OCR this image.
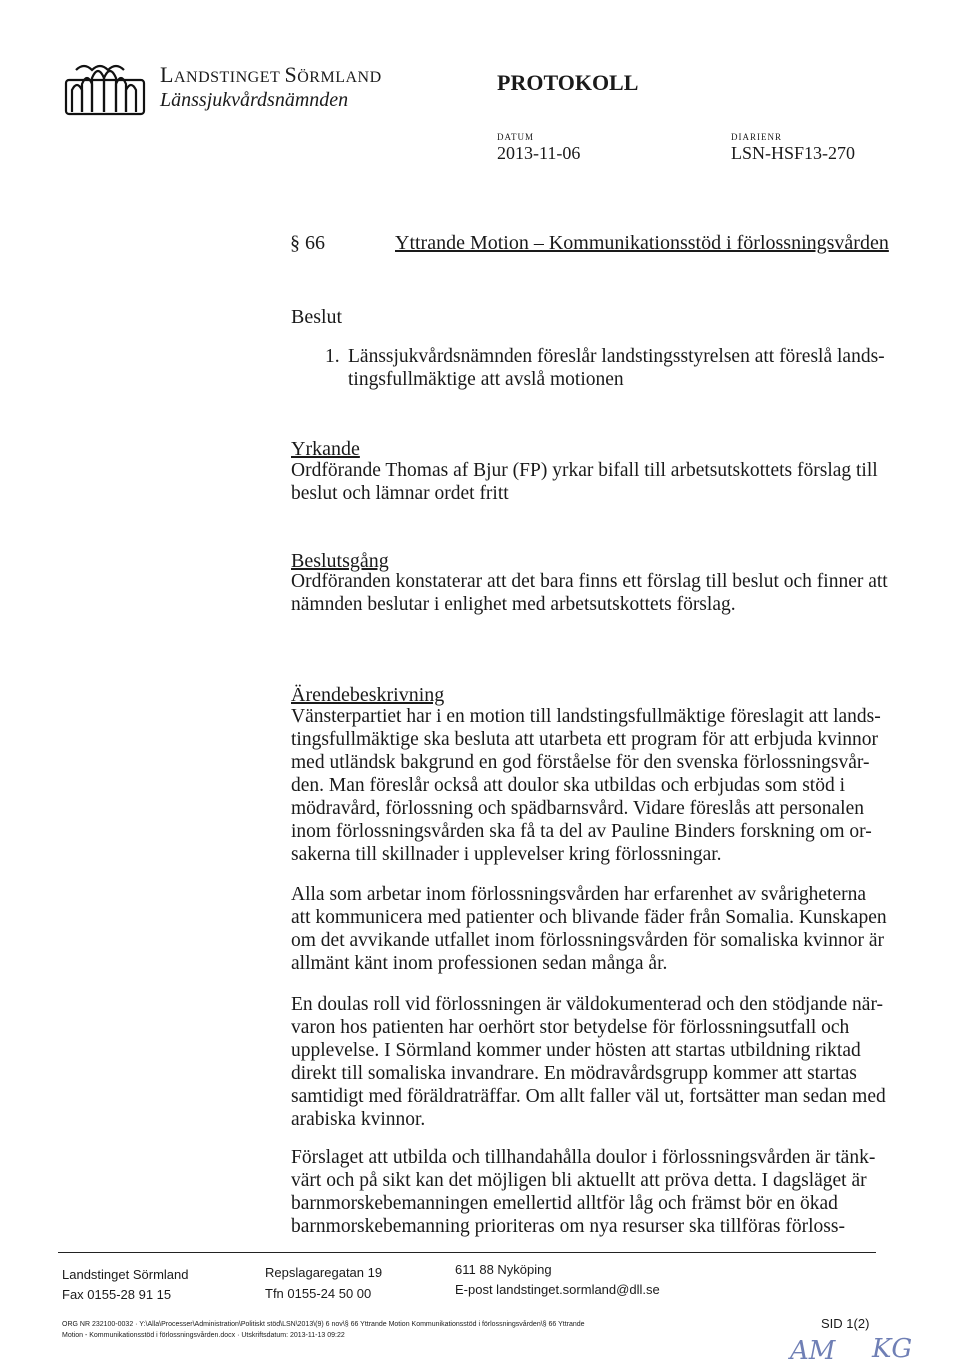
LANDSTINGET SÖRMLAND
Länssjukvårdsnämnden
PROTOKOLL
DATUM
2013-11-06
DIARIENR
LSN-HSF13-270
§ 66	Yttrande Motion – Kommunikationsstöd i förlossningsvården
Beslut
1. Länssjukvårdsnämnden föreslår landstingsstyrelsen att föreslå lands-
tingsfullmäktige att avslå motionen
Yrkande
Ordförande Thomas af Bjur (FP) yrkar bifall till arbetsutskottets förslag till
beslut och lämnar ordet fritt
Beslutsgång
Ordföranden konstaterar att det bara finns ett förslag till beslut och finner att
nämnden beslutar i enlighet med arbetsutskottets förslag.
Ärendebeskrivning
Vänsterpartiet har i en motion till landstingsfullmäktige föreslagit att lands-
tingsfullmäktige ska besluta att utarbeta ett program för att erbjuda kvinnor
med utländsk bakgrund en god förståelse för den svenska förlossningsvår-
den. Man föreslår också att doulor ska utbildas och erbjudas som stöd i
mödravård, förlossning och spädbarnsvård. Vidare föreslås att personalen
inom förlossningsvården ska få ta del av Pauline Binders forskning om or-
sakerna till skillnader i upplevelser kring förlossningar.
Alla som arbetar inom förlossningsvården har erfarenhet av svårigheterna
att kommunicera med patienter och blivande fäder från Somalia. Kunskapen
om det avvikande utfallet inom förlossningsvården för somaliska kvinnor är
allmänt känt inom professionen sedan många år.
En doulas roll vid förlossningen är väldokumenterad och den stödjande när-
varon hos patienten har oerhört stor betydelse för förlossningsutfall och
upplevelse. I Sörmland kommer under hösten att startas utbildning riktad
direkt till somaliska invandrare. En mödravårdsgrupp kommer att startas
samtidigt med föräldraträffar. Om allt faller väl ut, fortsätter man sedan med
arabiska kvinnor.
Förslaget att utbilda och tillhandahålla doulor i förlossningsvården är tänk-
värt och på sikt kan det möjligen bli aktuellt att pröva detta. I dagsläget är
barnmorskebemanningen emellertid alltför låg och främst bör en ökad
barnmorskebemanning prioriteras om nya resurser ska tillföras förloss-
Landstinget Sörmland
Fax 0155-28 91 15
Repslagaregatan 19
Tfn 0155-24 50 00
611 88 Nyköping
E-post landstinget.sormland@dll.se
ORG NR 232100-0032 · Y:\Alla\Processer\Administration\Politiskt stöd\LSN\2013\(9) 6 nov\§ 66 Yttrande Motion Kommunikationsstöd i förlossningsvården\§ 66 Yttrande
Motion - Kommunikationsstöd i förlossningsvården.docx · Utskriftsdatum: 2013-11-13 09:22
SID 1(2)
AM KG
